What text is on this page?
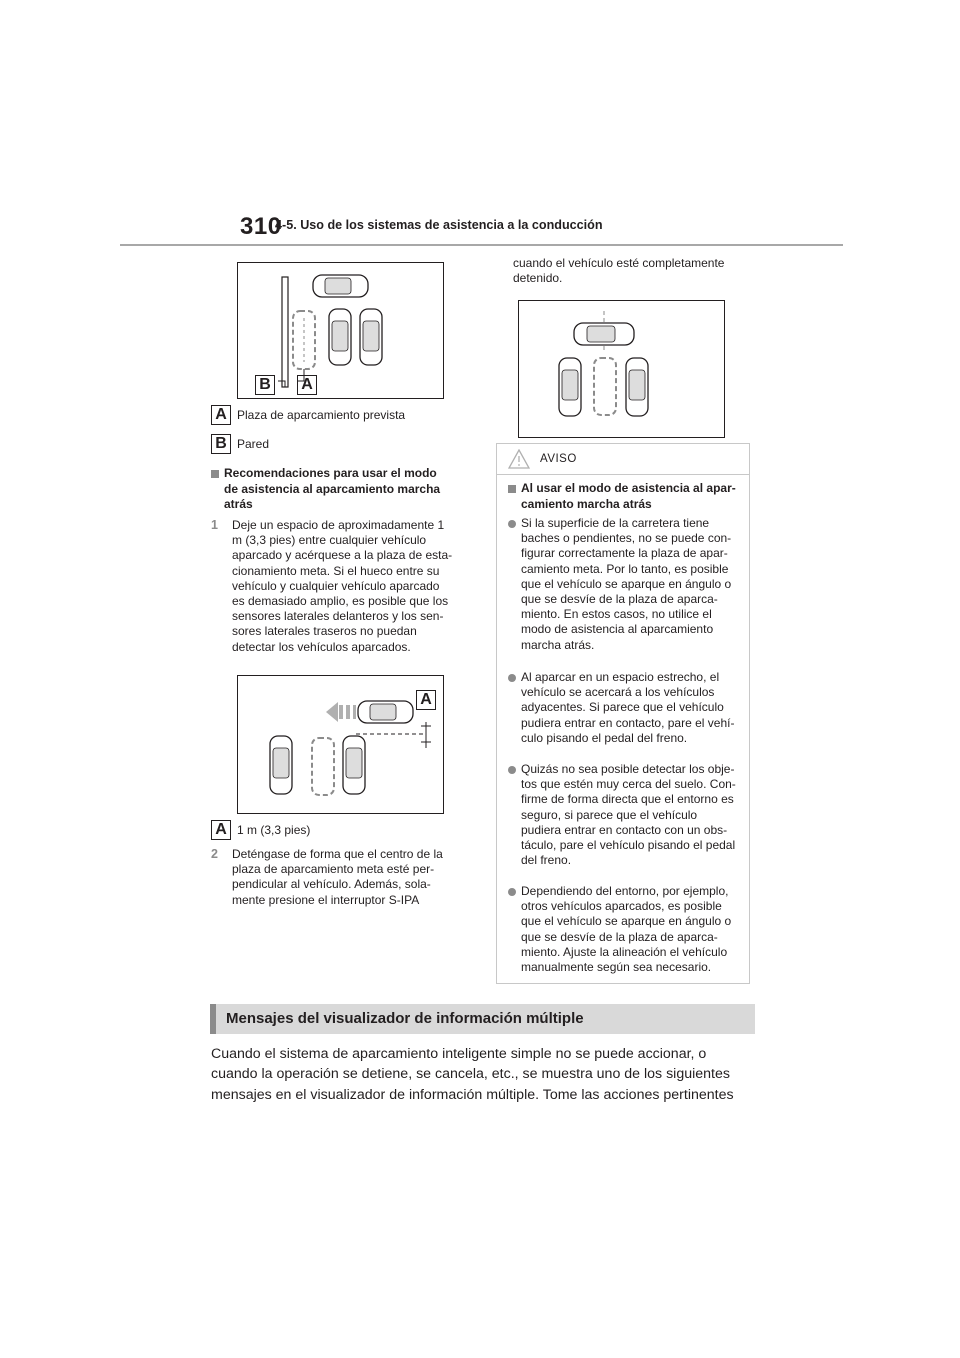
310
4-5. Uso de los sistemas de asistencia a la conducción
B A
A Plaza de aparcamiento prevista
B Pared
Recomendaciones para usar el modo
de asistencia al aparcamiento marcha
atrás
1 Deje un espacio de aproximadamente 1
m (3,3 pies) entre cualquier vehículo
aparcado y acérquese a la plaza de esta-
cionamiento meta. Si el hueco entre su
vehículo y cualquier vehículo aparcado
es demasiado amplio, es posible que los
sensores laterales delanteros y los sen-
sores laterales traseros no puedan
detectar los vehículos aparcados.
A
A 1 m (3,3 pies)
2 Deténgase de forma que el centro de la
plaza de aparcamiento meta esté per-
pendicular al vehículo. Además, sola-
mente presione el interruptor S-IPA
cuando el vehículo esté completamente
detenido.
AVISO
Al usar el modo de asistencia al apar-
camiento marcha atrás
Si la superficie de la carretera tiene
baches o pendientes, no se puede con-
figurar correctamente la plaza de apar-
camiento meta. Por lo tanto, es posible
que el vehículo se aparque en ángulo o
que se desvíe de la plaza de aparca-
miento. En estos casos, no utilice el
modo de asistencia al aparcamiento
marcha atrás.
Al aparcar en un espacio estrecho, el
vehículo se acercará a los vehículos
adyacentes. Si parece que el vehículo
pudiera entrar en contacto, pare el vehí-
culo pisando el pedal del freno.
Quizás no sea posible detectar los obje-
tos que estén muy cerca del suelo. Con-
firme de forma directa que el entorno es
seguro, si parece que el vehículo
pudiera entrar en contacto con un obs-
táculo, pare el vehículo pisando el pedal
del freno.
Dependiendo del entorno, por ejemplo,
otros vehículos aparcados, es posible
que el vehículo se aparque en ángulo o
que se desvíe de la plaza de aparca-
miento. Ajuste la alineación el vehículo
manualmente según sea necesario.
Mensajes del visualizador de información múltiple
Cuando el sistema de aparcamiento inteligente simple no se puede accionar, o
cuando la operación se detiene, se cancela, etc., se muestra uno de los siguientes
mensajes en el visualizador de información múltiple. Tome las acciones pertinentes
